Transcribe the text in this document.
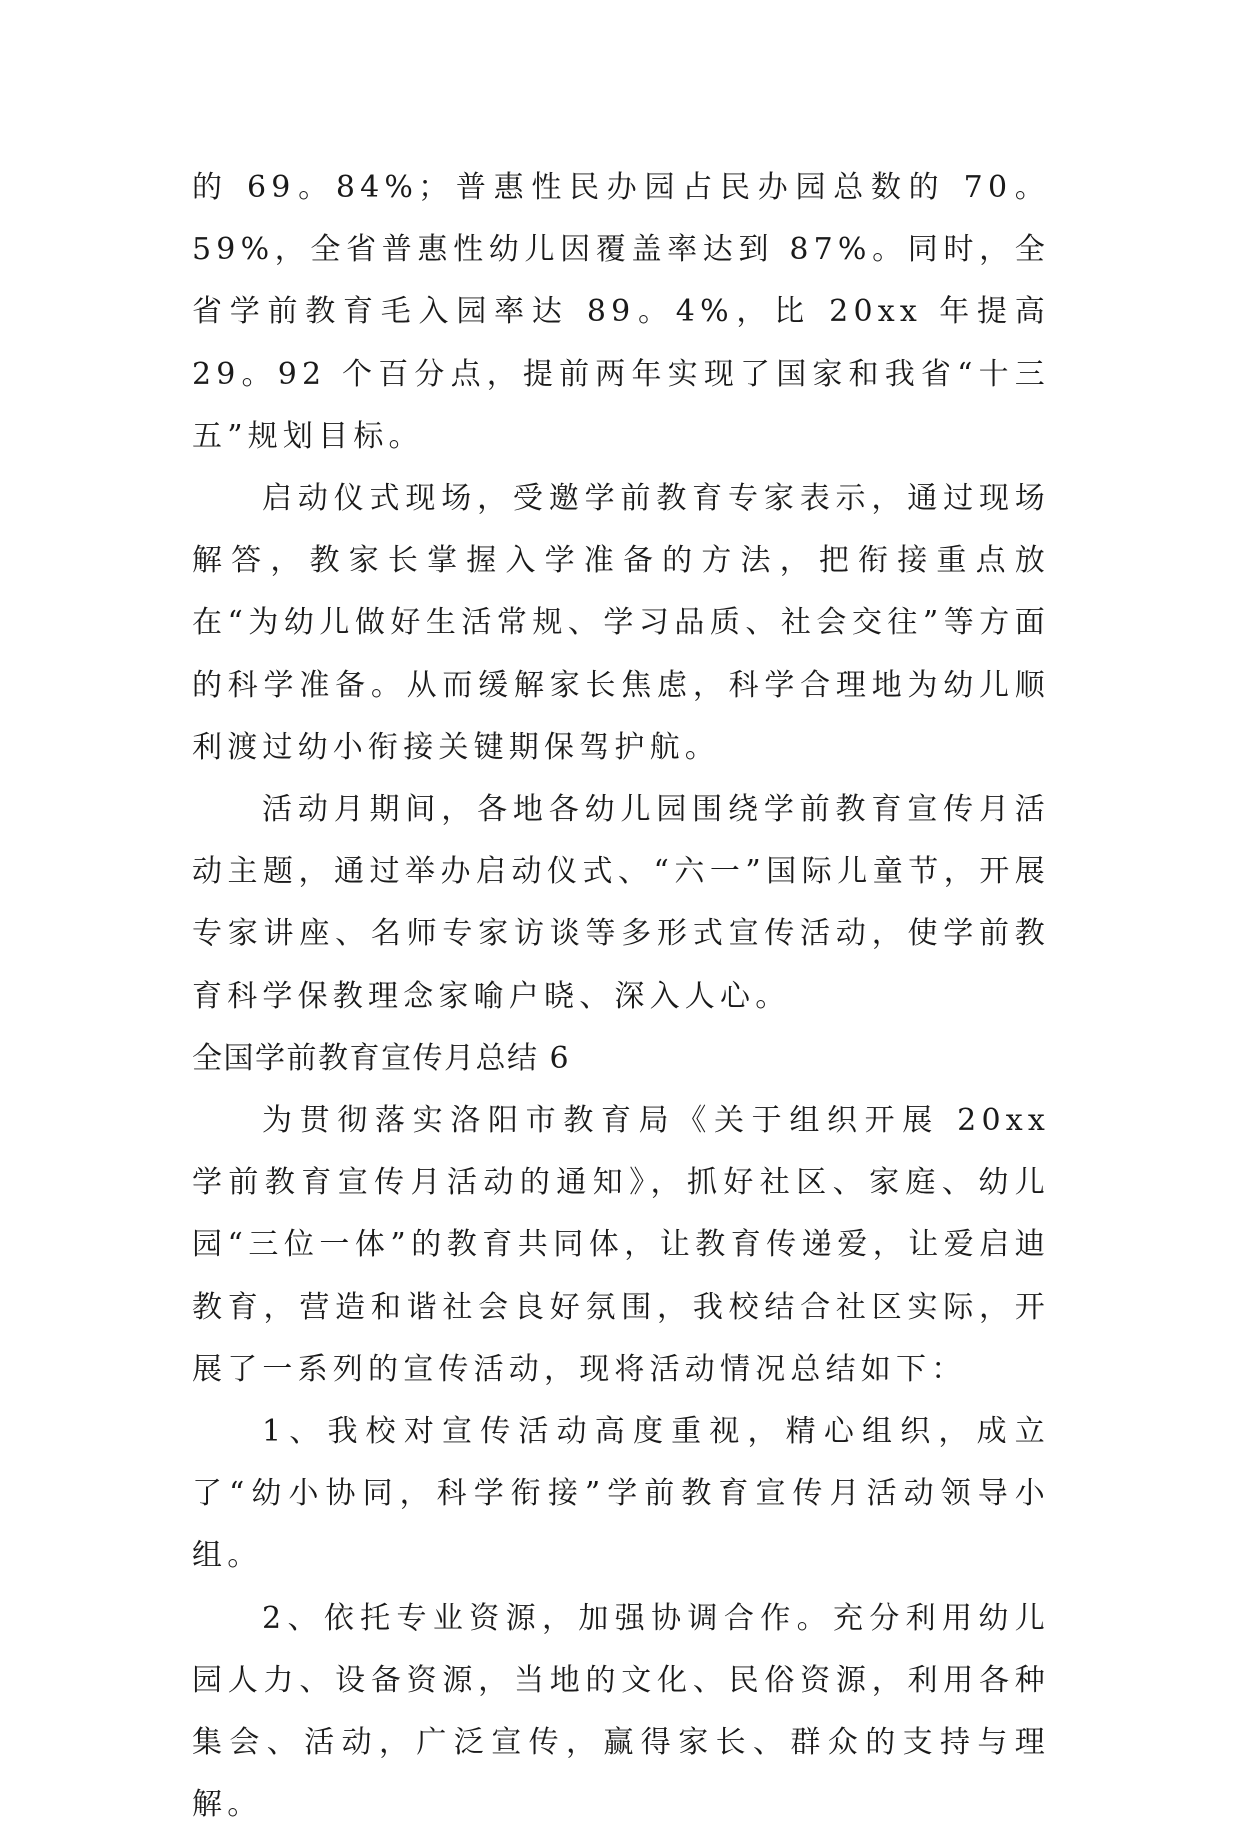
的 69。84%；普惠性民办园占民办园总数的 70。59%，全省普惠性幼儿因覆盖率达到 87%。同时，全省学前教育毛入园率达 89。4%，比 20xx 年提高 29。92 个百分点，提前两年实现了国家和我省“十三五”规划目标。

启动仪式现场，受邀学前教育专家表示，通过现场解答，教家长掌握入学准备的方法，把衔接重点放在“为幼儿做好生活常规、学习品质、社会交往”等方面的科学准备。从而缓解家长焦虑，科学合理地为幼儿顺利渡过幼小衔接关键期保驾护航。

活动月期间，各地各幼儿园围绕学前教育宣传月活动主题，通过举办启动仪式、“六一”国际儿童节，开展专家讲座、名师专家访谈等多形式宣传活动，使学前教育科学保教理念家喻户晓、深入人心。

全国学前教育宣传月总结 6

为贯彻落实洛阳市教育局《关于组织开展 20xx 学前教育宣传月活动的通知》，抓好社区、家庭、幼儿园“三位一体”的教育共同体，让教育传递爱，让爱启迪教育，营造和谐社会良好氛围，我校结合社区实际，开展了一系列的宣传活动，现将活动情况总结如下：

1、我校对宣传活动高度重视，精心组织，成立了“幼小协同，科学衔接”学前教育宣传月活动领导小组。

2、依托专业资源，加强协调合作。充分利用幼儿园人力、设备资源，当地的文化、民俗资源，利用各种集会、活动，广泛宣传，赢得家长、群众的支持与理解。
